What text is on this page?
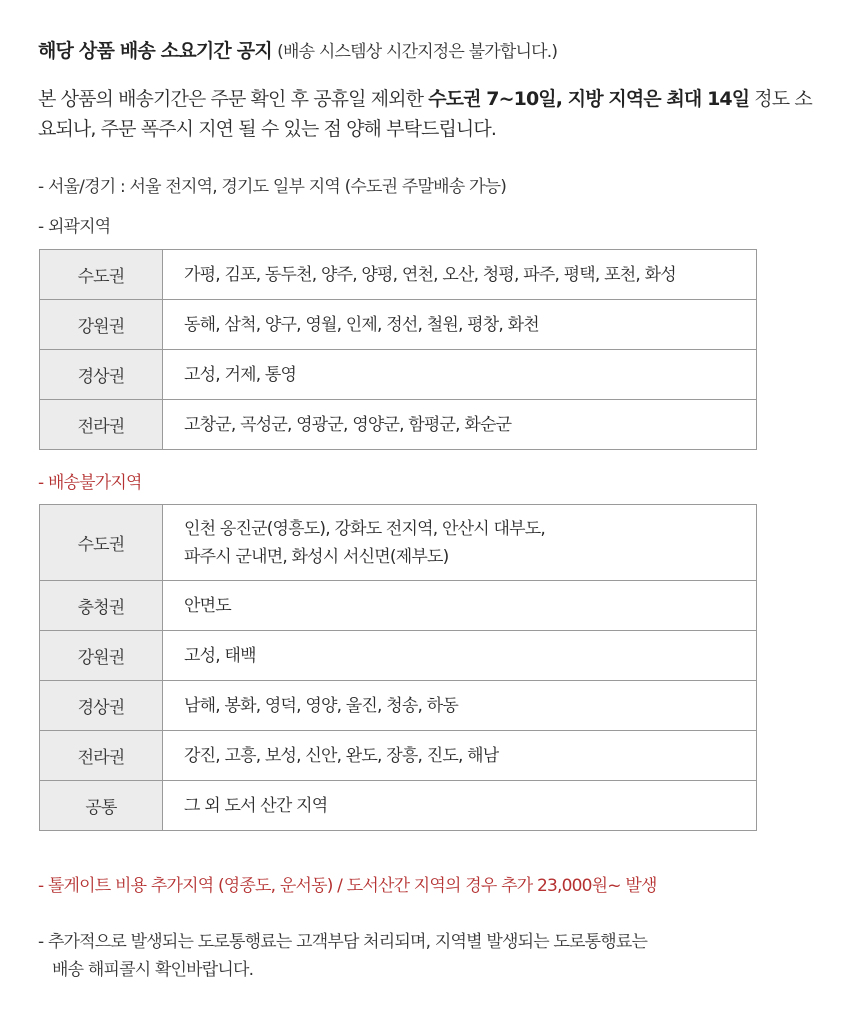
해당 상품 배송 소요기간 공지 (배송 시스템상 시간지정은 불가합니다.)
본 상품의 배송기간은 주문 확인 후 공휴일 제외한 수도권 7~10일, 지방 지역은 최대 14일 정도 소요되나, 주문 폭주시 지연 될 수 있는 점 양해 부탁드립니다.
- 서울/경기 : 서울 전지역, 경기도 일부 지역 (수도권 주말배송 가능)
- 외곽지역
수도권	가평, 김포, 동두천, 양주, 양평, 연천, 오산, 청평, 파주, 평택, 포천, 화성
강원권	동해, 삼척, 양구, 영월, 인제, 정선, 철원, 평창, 화천
경상권	고성, 거제, 통영
전라권	고창군, 곡성군, 영광군, 영양군, 함평군, 화순군
- 배송불가지역
수도권	인천 옹진군(영흥도), 강화도 전지역, 안산시 대부도,
파주시 군내면, 화성시 서신면(제부도)

충청권	안면도
강원권	고성, 태백
경상권	남해, 봉화, 영덕, 영양, 울진, 청송, 하동
전라권	강진, 고흥, 보성, 신안, 완도, 장흥, 진도, 해남
공통	그 외 도서 산간 지역
- 톨게이트 비용 추가지역 (영종도, 운서동) / 도서산간 지역의 경우 추가 23,000원~ 발생
- 추가적으로 발생되는 도로통행료는 고객부담 처리되며, 지역별 발생되는 도로통행료는
배송 해피콜시 확인바랍니다.
